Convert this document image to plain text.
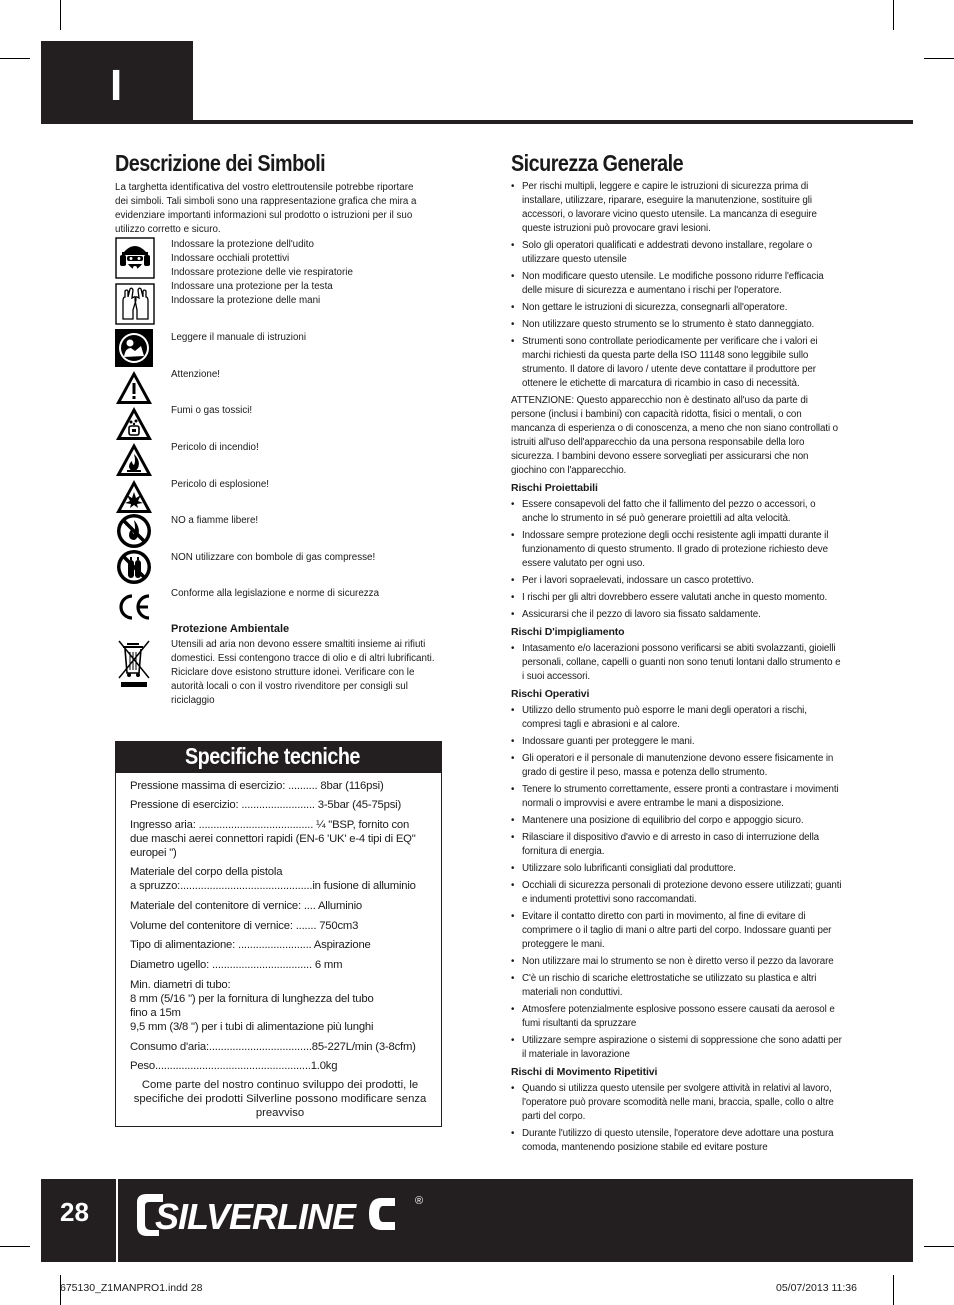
I
Descrizione dei Simboli
La targhetta identificativa del vostro elettroutensile potrebbe riportare dei simboli. Tali simboli sono una rappresentazione grafica che mira a evidenziare importanti informazioni sul prodotto o istruzioni per il suo utilizzo corretto e sicuro.
Indossare la protezione dell'udito
Indossare occhiali protettivi
Indossare protezione delle vie respiratorie
Indossare una protezione per la testa
Indossare la protezione delle mani
Leggere il manuale di istruzioni
Attenzione!
Fumi o gas tossici!
Pericolo di incendio!
Pericolo di esplosione!
NO a fiamme libere!
NON utilizzare con bombole di gas compresse!
Conforme alla legislazione e norme di sicurezza
Protezione Ambientale
Utensili ad aria non devono essere smaltiti insieme ai rifiuti domestici. Essi contengono tracce di olio e di altri lubrificanti. Riciclare dove esistono strutture idonei. Verificare con le autorità locali o con il vostro rivenditore per consigli sul riciclaggio
Specifiche tecniche
Pressione massima di esercizio: .......... 8bar (116psi)
Pressione di esercizio: ......................... 3-5bar (45-75psi)
Ingresso aria: ....................................... ¼ "BSP, fornito con
due maschi aerei connettori rapidi (EN-6 'UK' e-4 tipi di EQ"
europei ")
Materiale del corpo della pistola
a spruzzo:.............................................in fusione di alluminio
Materiale del contenitore di vernice: .... Alluminio
Volume del contenitore di vernice: ....... 750cm3
Tipo di alimentazione: ......................... Aspirazione
Diametro ugello: .................................. 6 mm
Min. diametri di tubo:
8 mm (5/16 ") per la fornitura di lunghezza del tubo
fino a 15m
9,5 mm (3/8 ") per i tubi di alimentazione più lunghi
Consumo d'aria:...................................85-227L/min (3-8cfm)
Peso.....................................................1.0kg
Come parte del nostro continuo sviluppo dei prodotti, le specifiche dei prodotti Silverline possono modificare senza preavviso
Sicurezza Generale
• Per rischi multipli, leggere e capire le istruzioni di sicurezza prima di installare, utilizzare, riparare, eseguire la manutenzione, sostituire gli accessori, o lavorare vicino questo utensile. La mancanza di eseguire queste istruzioni può provocare gravi lesioni.
• Solo gli operatori qualificati e addestrati devono installare, regolare o utilizzare questo utensile
• Non modificare questo utensile. Le modifiche possono ridurre l'efficacia delle misure di sicurezza e aumentano i rischi per l'operatore.
• Non gettare le istruzioni di sicurezza, consegnarli all'operatore.
• Non utilizzare questo strumento se lo strumento è stato danneggiato.
• Strumenti sono controllate periodicamente per verificare che i valori ei marchi richiesti da questa parte della ISO 11148 sono leggibile sullo strumento. Il datore di lavoro / utente deve contattare il produttore per ottenere le etichette di marcatura di ricambio in caso di necessità.

ATTENZIONE: Questo apparecchio non è destinato all'uso da parte di persone (inclusi i bambini) con capacità ridotta, fisici o mentali, o con mancanza di esperienza o di conoscenza, a meno che non siano controllati o istruiti all'uso dell'apparecchio da una persona responsabile della loro sicurezza. I bambini devono essere sorvegliati per assicurarsi che non giochino con l'apparecchio.

Rischi Proiettabili
• Essere consapevoli del fatto che il fallimento del pezzo o accessori, o anche lo strumento in sé può generare proiettili ad alta velocità.
• Indossare sempre protezione degli occhi resistente agli impatti durante il funzionamento di questo strumento. Il grado di protezione richiesto deve essere valutato per ogni uso.
• Per i lavori sopraelevati, indossare un casco protettivo.
• I rischi per gli altri dovrebbero essere valutati anche in questo momento.
• Assicurarsi che il pezzo di lavoro sia fissato saldamente.
Rischi D'impigliamento
• Intasamento e/o lacerazioni possono verificarsi se abiti svolazzanti, gioielli personali, collane, capelli o guanti non sono tenuti lontani dallo strumento e i suoi accessori.
Rischi Operativi
• Utilizzo dello strumento può esporre le mani degli operatori a rischi, compresi tagli e abrasioni e al calore.
• Indossare guanti per proteggere le mani.
• Gli operatori e il personale di manutenzione devono essere fisicamente in grado di gestire il peso, massa e potenza dello strumento.
• Tenere lo strumento correttamente, essere pronti a contrastare i movimenti normali o improvvisi e avere entrambe le mani a disposizione.
• Mantenere una posizione di equilibrio del corpo e appoggio sicuro.
• Rilasciare il dispositivo d'avvio e di arresto in caso di interruzione della fornitura di energia.
• Utilizzare solo lubrificanti consigliati dal produttore.
• Occhiali di sicurezza personali di protezione devono essere utilizzati; guanti e indumenti protettivi sono raccomandati.
• Evitare il contatto diretto con parti in movimento, al fine di evitare di comprimere o il taglio di mani o altre parti del corpo. Indossare guanti per proteggere le mani.
• Non utilizzare mai lo strumento se non è diretto verso il pezzo da lavorare
• C'è un rischio di scariche elettrostatiche se utilizzato su plastica e altri materiali non conduttivi.
• Atmosfere potenzialmente esplosive possono essere causati da aerosol e fumi risultanti da spruzzare
• Utilizzare sempre aspirazione o sistemi di soppressione che sono adatti per il materiale in lavorazione
Rischi di Movimento Ripetitivi
• Quando si utilizza questo utensile per svolgere attività in relativi al lavoro, l'operatore può provare scomodità nelle mani, braccia, spalle, collo o altre parti del corpo.
• Durante l'utilizzo di questo utensile, l'operatore deve adottare una postura comoda, mantenendo posizione stabile ed evitare posture
28 SILVERLINE	®
675130_Z1MANPRO1.indd 28	05/07/2013 11:36
